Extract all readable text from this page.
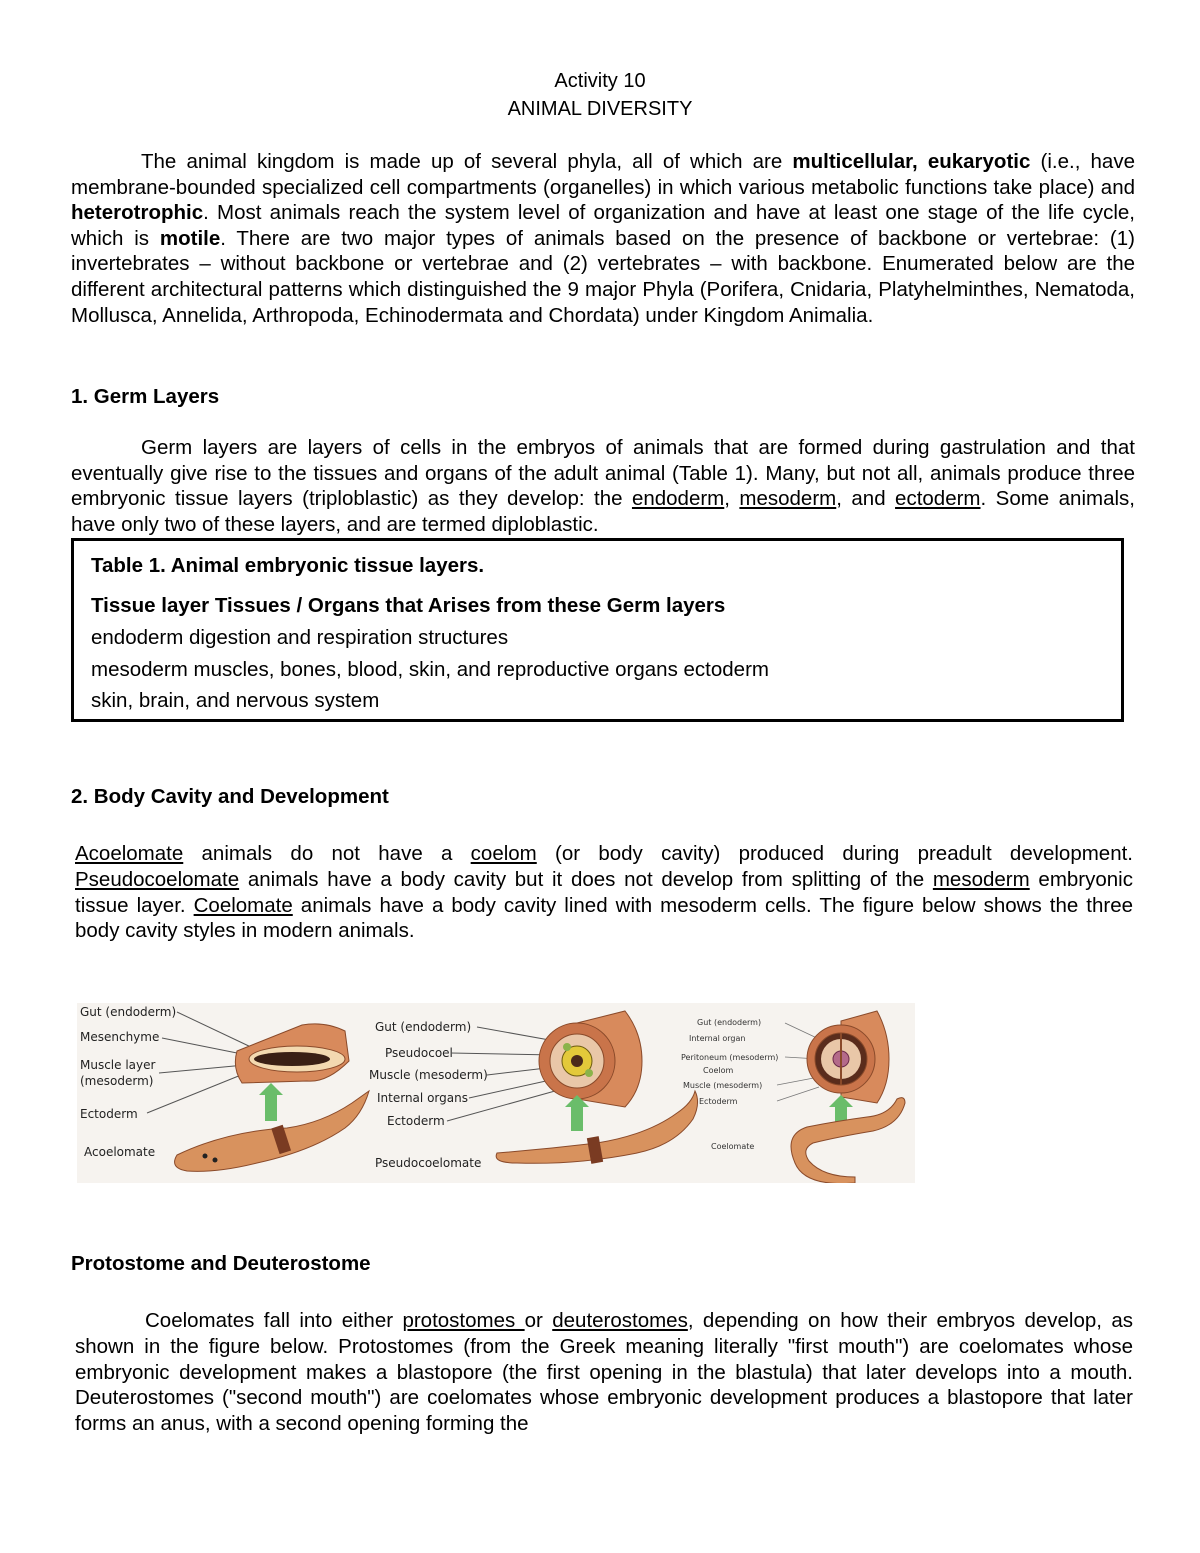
Activity 10
ANIMAL DIVERSITY
The animal kingdom is made up of several phyla, all of which are multicellular, eukaryotic (i.e., have membrane-bounded specialized cell compartments (organelles) in which various metabolic functions take place) and heterotrophic. Most animals reach the system level of organization and have at least one stage of the life cycle, which is motile. There are two major types of animals based on the presence of backbone or vertebrae: (1) invertebrates – without backbone or vertebrae and (2) vertebrates – with backbone. Enumerated below are the different architectural patterns which distinguished the 9 major Phyla (Porifera, Cnidaria, Platyhelminthes, Nematoda, Mollusca, Annelida, Arthropoda, Echinodermata and Chordata) under Kingdom Animalia.
1. Germ Layers
Germ layers are layers of cells in the embryos of animals that are formed during gastrulation and that eventually give rise to the tissues and organs of the adult animal (Table 1). Many, but not all, animals produce three embryonic tissue layers (triploblastic) as they develop: the endoderm, mesoderm, and ectoderm. Some animals, have only two of these layers, and are termed diploblastic.
Table 1. Animal embryonic tissue layers.
Tissue layer Tissues / Organs that Arises from these Germ layers
endoderm digestion and respiration structures
mesoderm muscles, bones, blood, skin, and reproductive organs ectoderm
skin, brain, and nervous system
2. Body Cavity and Development
Acoelomate animals do not have a coelom (or body cavity) produced during preadult development. Pseudocoelomate animals have a body cavity but it does not develop from splitting of the mesoderm embryonic tissue layer. Coelomate animals have a body cavity lined with mesoderm cells. The figure below shows the three body cavity styles in modern animals.
Gut (endoderm)
Mesenchyme
Muscle layer
(mesoderm)
Ectoderm
Acoelomate
Gut (endoderm)
Pseudocoel
Muscle (mesoderm)
Internal organs
Ectoderm
Pseudocoelomate
Gut (endoderm)
Internal organ
Peritoneum (mesoderm)
Coelom
Muscle (mesoderm)
Ectoderm
Coelomate
Protostome and Deuterostome
Coelomates fall into either protostomes or deuterostomes, depending on how their embryos develop, as shown in the figure below. Protostomes (from the Greek meaning literally "first mouth") are coelomates whose embryonic development makes a blastopore (the first opening in the blastula) that later develops into a mouth. Deuterostomes ("second mouth") are coelomates whose embryonic development produces a blastopore that later forms an anus, with a second opening forming the
